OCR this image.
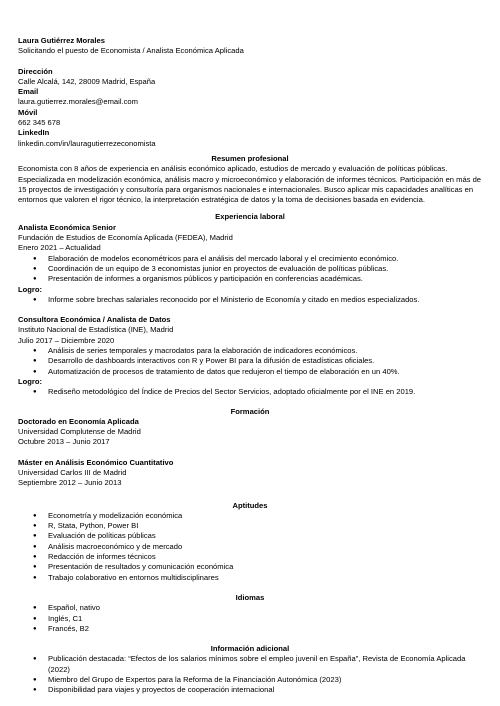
Laura Gutiérrez Morales
Solicitando el puesto de Economista / Analista Económica Aplicada
Dirección
Calle Alcalá, 142, 28009 Madrid, España
Email
laura.gutierrez.morales@email.com
Móvil
662 345 678
LinkedIn
linkedin.com/in/lauragutierrezeconomista
Resumen profesional
Economista con 8 años de experiencia en análisis económico aplicado, estudios de mercado y evaluación de políticas públicas. Especializada en modelización económica, análisis macro y microeconómico y elaboración de informes técnicos. Participación en más de 15 proyectos de investigación y consultoría para organismos nacionales e internacionales. Busco aplicar mis capacidades analíticas en entornos que valoren el rigor técnico, la interpretación estratégica de datos y la toma de decisiones basada en evidencia.
Experiencia laboral
Analista Económica Senior
Fundación de Estudios de Economía Aplicada (FEDEA), Madrid
Enero 2021 – Actualidad
● Elaboración de modelos econométricos para el análisis del mercado laboral y el crecimiento económico.
● Coordinación de un equipo de 3 economistas junior en proyectos de evaluación de políticas públicas.
● Presentación de informes a organismos públicos y participación en conferencias académicas.
Logro:
● Informe sobre brechas salariales reconocido por el Ministerio de Economía y citado en medios especializados.
Consultora Económica / Analista de Datos
Instituto Nacional de Estadística (INE), Madrid
Julio 2017 – Diciembre 2020
● Análisis de series temporales y macrodatos para la elaboración de indicadores económicos.
● Desarrollo de dashboards interactivos con R y Power BI para la difusión de estadísticas oficiales.
● Automatización de procesos de tratamiento de datos que redujeron el tiempo de elaboración en un 40%.
Logro:
● Rediseño metodológico del Índice de Precios del Sector Servicios, adoptado oficialmente por el INE en 2019.
Formación
Doctorado en Economía Aplicada
Universidad Complutense de Madrid
Octubre 2013 – Junio 2017
Máster en Análisis Económico Cuantitativo
Universidad Carlos III de Madrid
Septiembre 2012 – Junio 2013
Aptitudes
● Econometría y modelización económica
● R, Stata, Python, Power BI
● Evaluación de políticas públicas
● Análisis macroeconómico y de mercado
● Redacción de informes técnicos
● Presentación de resultados y comunicación económica
● Trabajo colaborativo en entornos multidisciplinares
Idiomas
● Español, nativo
● Inglés, C1
● Francés, B2
Información adicional
● Publicación destacada: “Efectos de los salarios mínimos sobre el empleo juvenil en España”, Revista de Economía Aplicada (2022)
● Miembro del Grupo de Expertos para la Reforma de la Financiación Autonómica (2023)
● Disponibilidad para viajes y proyectos de cooperación internacional
